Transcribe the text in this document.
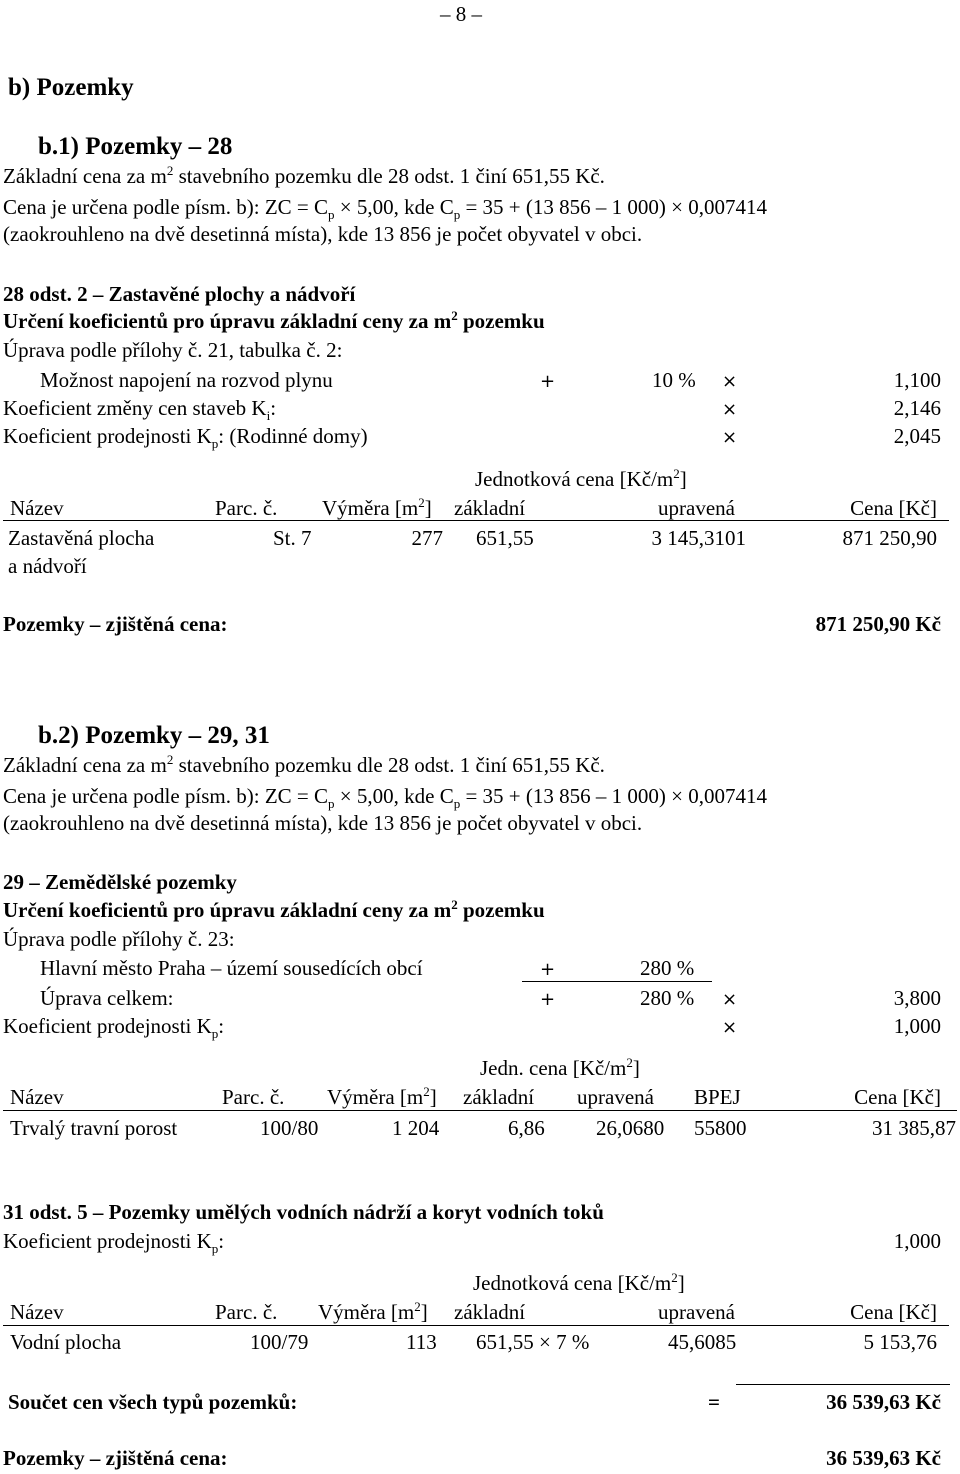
– 8 –
b) Pozemky
b.1) Pozemky – 28
Základní cena za $m^2$ stavebního pozemku dle 28 odst. 1 činí 651,55 Kč.
Cena je určena podle písm. b): ZC = $C_p \times 5,00$, kde $C_p = 35 + (13$ 856 – 1 000) × 0,007414
(zaokrouhleno na dvě desetinná místa), kde 13 856 je počet obyvatel v obci.
28 odst. 2 – Zastavěné plochy a nádvoří
Určení koeficientů pro úpravu základní ceny za $m^2$ pozemku
Úprava podle přílohy č. 21, tabulka č. 2:
Možnost napojení na rozvod plynu	+	10 % ×	1,100
Koeficient změny cen staveb $K_i$:	×	2,146
Koeficient prodejnosti $K_p$: (Rodinné domy)	×	2,045
Jednotková cena $[Kč/m^2]$
Název	Parc. č. Výměra $[m^2]$ základní	upravená	Cena [Kč]
Zastavěná plocha
a nádvoří
St. 7	277 651,55	3 145,3101	871 250,90
Pozemky – zjištěná cena:	871 250,90 Kč
b.2) Pozemky – 29, 31
Základní cena za $m^2$ stavebního pozemku dle 28 odst. 1 činí 651,55 Kč.
Cena je určena podle písm. b): ZC = $C_p \times 5,00$, kde $C_p = 35 + (13$ 856 – 1 000) × 0,007414
(zaokrouhleno na dvě desetinná místa), kde 13 856 je počet obyvatel v obci.
29 – Zemědělské pozemky
Určení koeficientů pro úpravu základní ceny za $m^2$ pozemku
Úprava podle přílohy č. 23:
Hlavní město Praha – území sousedících obcí	+	280 %
Úprava celkem:	+	280 % ×	3,800
Koeficient prodejnosti $K_p$:	×	1,000
Jedn. cena $[Kč/m^2]$
Název	Parc. č. Výměra $[m^2]$ základní upravená BPEJ	Cena [Kč]
Trvalý travní porost	100/80	1 204	6,86 26,0680 55800	31 385,87
31 odst. 5 – Pozemky umělých vodních nádrží a koryt vodních toků
Koeficient prodejnosti $K_p$:	1,000
Jednotková cena $[Kč/m^2]$
Název	Parc. č. Výměra $[m^2]$ základní	upravená	Cena [Kč]
Vodní plocha	100/79	113 651,55 × 7 %	45,6085	5 153,76
Součet cen všech typů pozemků:	=	36 539,63 Kč
Pozemky – zjištěná cena:	36 539,63 Kč
